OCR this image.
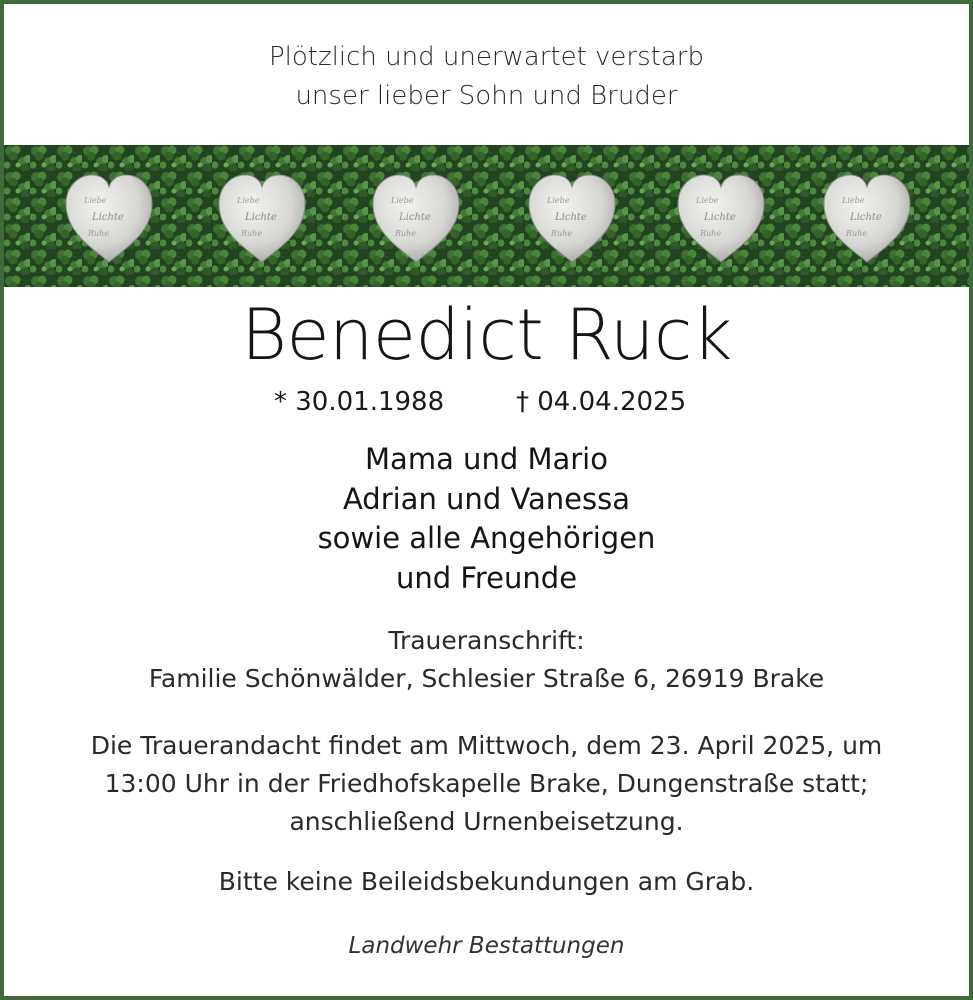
Plötzlich und unerwartet verstarb
unser lieber Sohn und Bruder
Benedict Ruck
* 30.01.1988	† 04.04.2025
Mama und Mario
Adrian und Vanessa
sowie alle Angehörigen
und Freunde
Traueranschrift:
Familie Schönwälder, Schlesier Straße 6, 26919 Brake
Die Trauerandacht findet am Mittwoch, dem 23. April 2025, um
13:00 Uhr in der Friedhofskapelle Brake, Dungenstraße statt;
anschließend Urnenbeisetzung.
Bitte keine Beileidsbekundungen am Grab.
Landwehr Bestattungen
